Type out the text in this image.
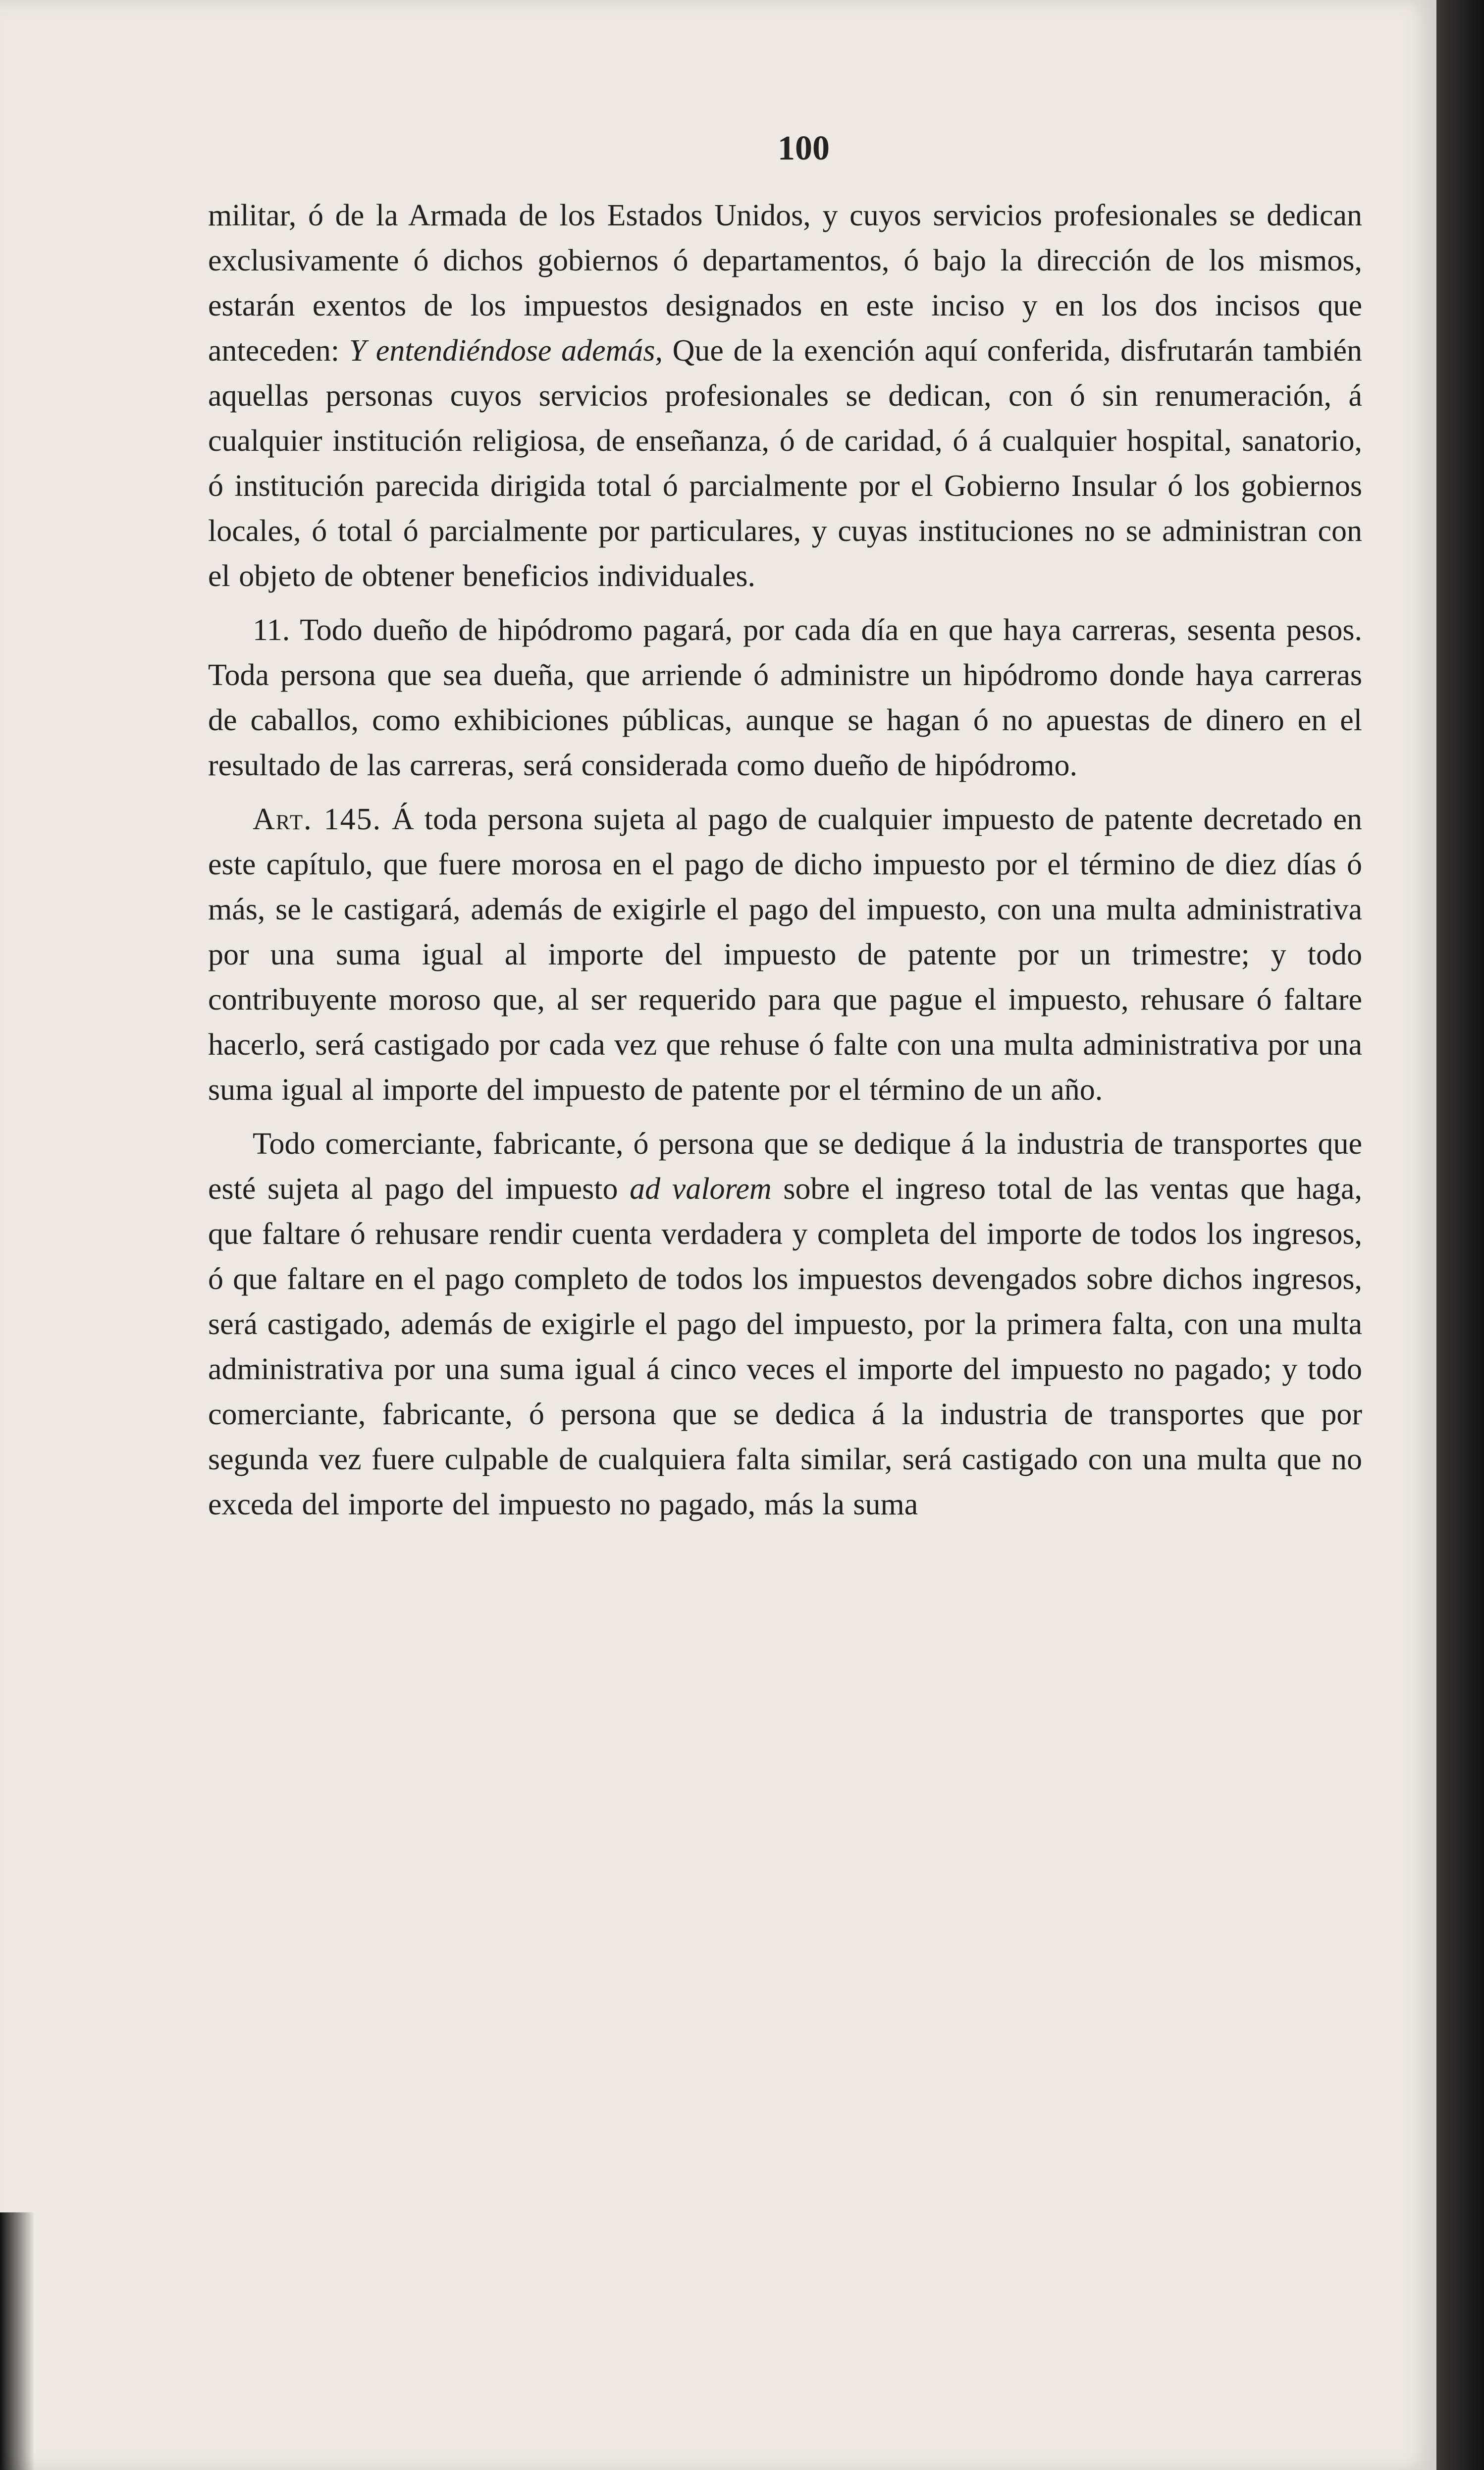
100

militar, ó de la Armada de los Estados Unidos, y cuyos servicios profesionales se dedican exclusivamente ó dichos gobiernos ó departamentos, ó bajo la dirección de los mismos, estarán exentos de los impuestos designados en este inciso y en los dos incisos que anteceden: Y entendiéndose además, Que de la exención aquí conferida, disfrutarán también aquellas personas cuyos servicios profesionales se dedican, con ó sin renumeración, á cualquier institución religiosa, de enseñanza, ó de caridad, ó á cualquier hospital, sanatorio, ó institución parecida dirigida total ó parcialmente por el Gobierno Insular ó los gobiernos locales, ó total ó parcialmente por particulares, y cuyas instituciones no se administran con el objeto de obtener beneficios individuales.

11. Todo dueño de hipódromo pagará, por cada día en que haya carreras, sesenta pesos. Toda persona que sea dueña, que arriende ó administre un hipódromo donde haya carreras de caballos, como exhibiciones públicas, aunque se hagan ó no apuestas de dinero en el resultado de las carreras, será considerada como dueño de hipódromo.

Art. 145. Á toda persona sujeta al pago de cualquier impuesto de patente decretado en este capítulo, que fuere morosa en el pago de dicho impuesto por el término de diez días ó más, se le castigará, además de exigirle el pago del impuesto, con una multa administrativa por una suma igual al importe del impuesto de patente por un trimestre; y todo contribuyente moroso que, al ser requerido para que pague el impuesto, rehusare ó faltare hacerlo, será castigado por cada vez que rehuse ó falte con una multa administrativa por una suma igual al importe del impuesto de patente por el término de un año.

Todo comerciante, fabricante, ó persona que se dedique á la industria de transportes que esté sujeta al pago del impuesto ad valorem sobre el ingreso total de las ventas que haga, que faltare ó rehusare rendir cuenta verdadera y completa del importe de todos los ingresos, ó que faltare en el pago completo de todos los impuestos devengados sobre dichos ingresos, será castigado, además de exigirle el pago del impuesto, por la primera falta, con una multa administrativa por una suma igual á cinco veces el importe del impuesto no pagado; y todo comerciante, fabricante, ó persona que se dedica á la industria de transportes que por segunda vez fuere culpable de cualquiera falta similar, será castigado con una multa que no exceda del importe del impuesto no pagado, más la suma
